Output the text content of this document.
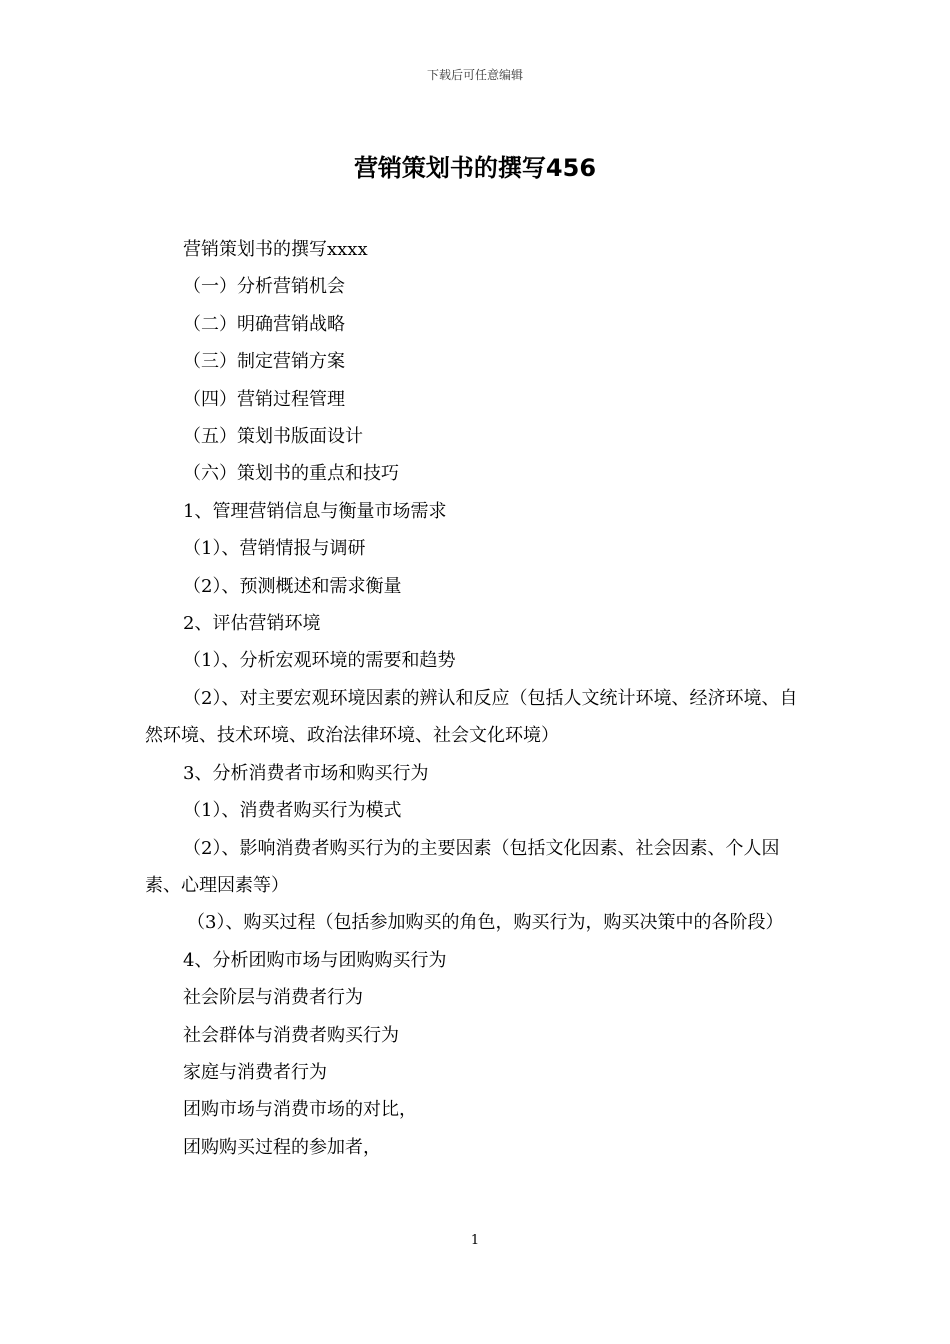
下载后可任意编辑
营销策划书的撰写456

营销策划书的撰写xxxx

（一）分析营销机会

（二）明确营销战略

（三）制定营销方案

（四）营销过程管理

（五）策划书版面设计

（六）策划书的重点和技巧

1、管理营销信息与衡量市场需求

（1）、营销情报与调研

（2）、预测概述和需求衡量

2、评估营销环境

（1）、分析宏观环境的需要和趋势

（2）、对主要宏观环境因素的辨认和反应（包括人文统计环境、经济环境、自然环境、技术环境、政治法律环境、社会文化环境）

3、分析消费者市场和购买行为

（1）、消费者购买行为模式

（2）、影响消费者购买行为的主要因素（包括文化因素、社会因素、个人因素、心理因素等）

（3）、购买过程（包括参加购买的角色，购买行为，购买决策中的各阶段）

4、分析团购市场与团购购买行为

社会阶层与消费者行为

社会群体与消费者购买行为

家庭与消费者行为

团购市场与消费市场的对比，

团购购买过程的参加者，

1
